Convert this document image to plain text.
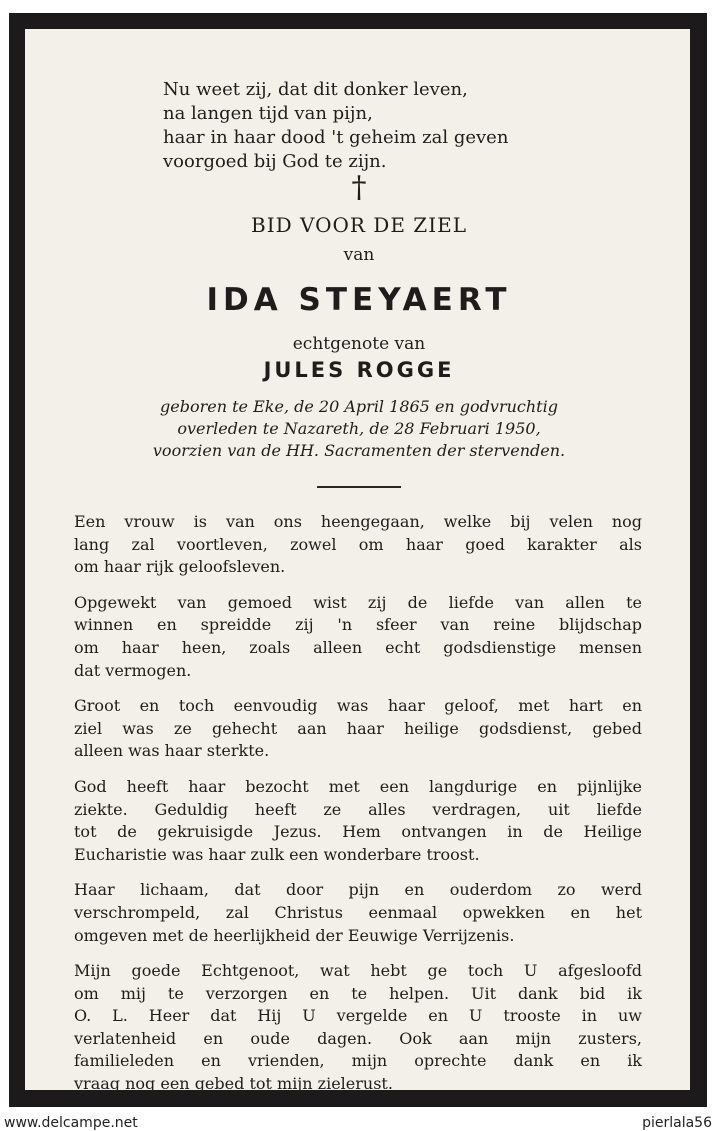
Nu weet zij, dat dit donker leven,
na langen tijd van pijn,
haar in haar dood 't geheim zal geven
voorgoed bij God te zijn.
†
BID VOOR DE ZIEL
van
IDA STEYAERT
echtgenote van
JULES ROGGE
geboren te Eke, de 20 April 1865 en godvruchtig
overleden te Nazareth, de 28 Februari 1950,
voorzien van de HH. Sacramenten der stervenden.
Een vrouw is van ons heengegaan, welke bij velen nog
lang zal voortleven, zowel om haar goed karakter als
om haar rijk geloofsleven.
Opgewekt van gemoed wist zij de liefde van allen te
winnen en spreidde zij 'n sfeer van reine blijdschap
om haar heen, zoals alleen echt godsdienstige mensen
dat vermogen.
Groot en toch eenvoudig was haar geloof, met hart en
ziel was ze gehecht aan haar heilige godsdienst, gebed
alleen was haar sterkte.
God heeft haar bezocht met een langdurige en pijnlijke
ziekte. Geduldig heeft ze alles verdragen, uit liefde
tot de gekruisigde Jezus. Hem ontvangen in de Heilige
Eucharistie was haar zulk een wonderbare troost.
Haar lichaam, dat door pijn en ouderdom zo werd
verschrompeld, zal Christus eenmaal opwekken en het
omgeven met de heerlijkheid der Eeuwige Verrijzenis.
Mijn goede Echtgenoot, wat hebt ge toch U afgesloofd
om mij te verzorgen en te helpen. Uit dank bid ik
O. L. Heer dat Hij U vergelde en U trooste in uw
verlatenheid en oude dagen. Ook aan mijn zusters,
familieleden en vrienden, mijn oprechte dank en ik
vraag nog een gebed tot mijn zielerust.
www.delcampe.net	pierlala56
